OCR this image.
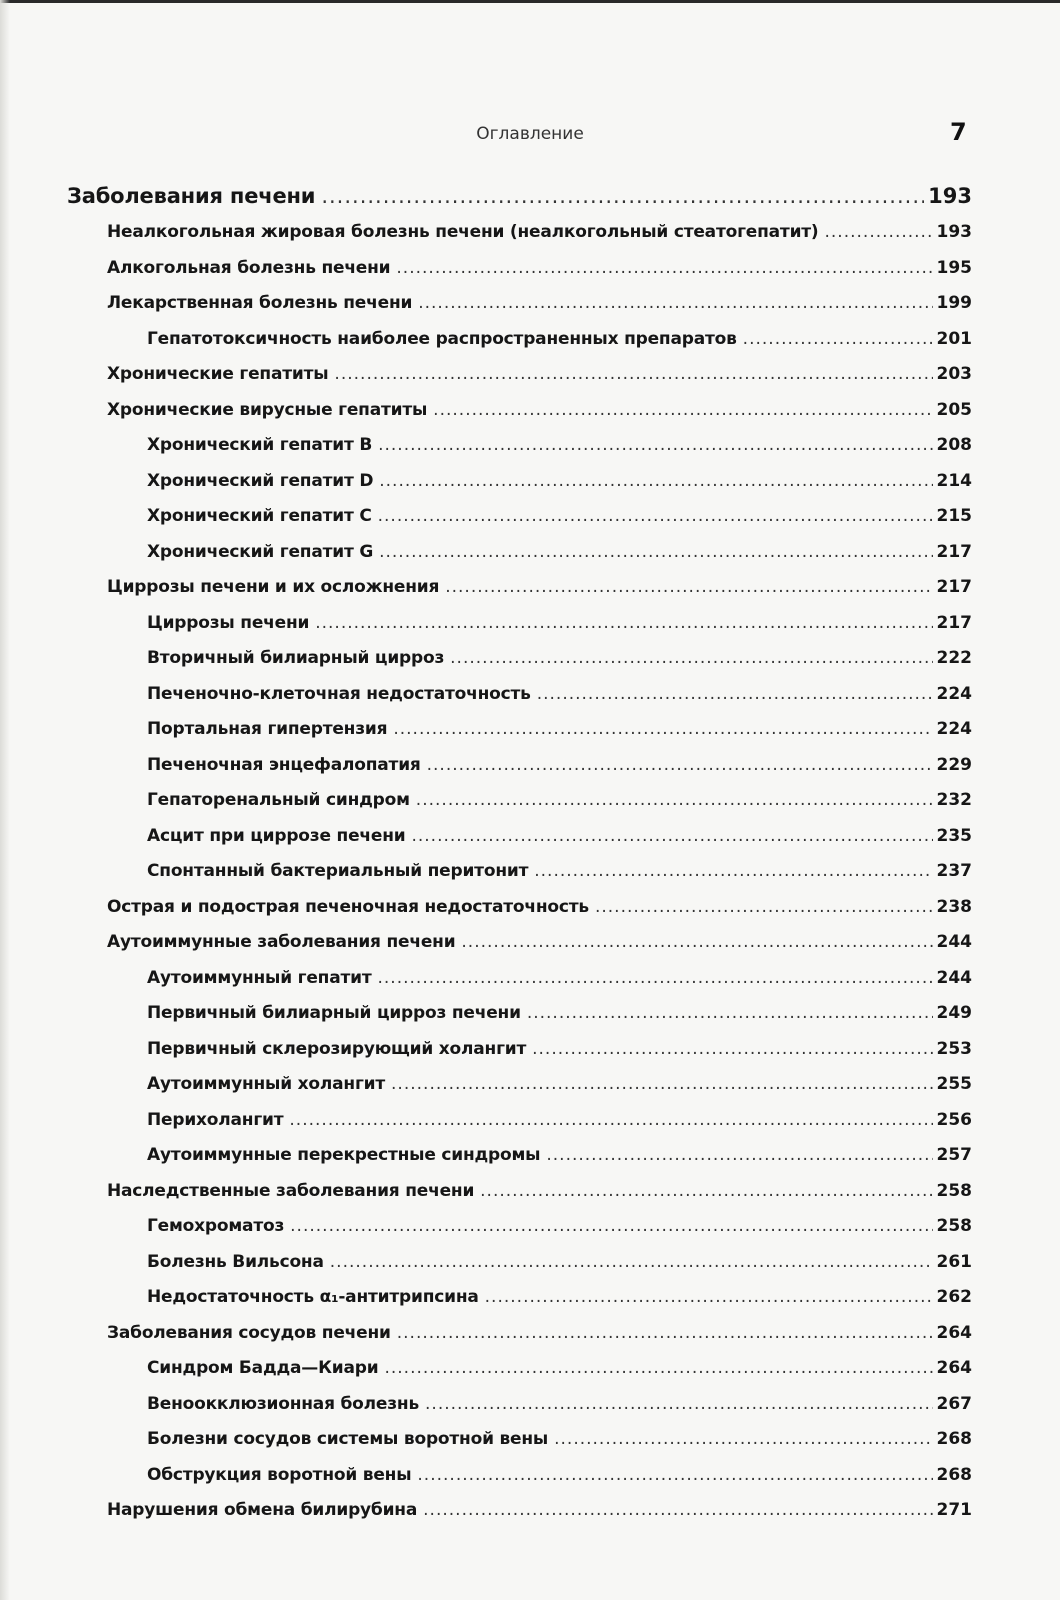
Оглавление	7
Заболевания печени .....	193
Неалкогольная жировая болезнь печени (неалкогольный стеатогепатит) .....	193
Алкогольная болезнь печени .....	195
Лекарственная болезнь печени .....	199
Гепатотоксичность наиболее распространенных препаратов .....	201
Хронические гепатиты .....	203
Хронические вирусные гепатиты .....	205
Хронический гепатит В .....	208
Хронический гепатит D .....	214
Хронический гепатит С .....	215
Хронический гепатит G .....	217
Циррозы печени и их осложнения .....	217
Циррозы печени .....	217
Вторичный билиарный цирроз .....	222
Печеночно-клеточная недостаточность .....	224
Портальная гипертензия .....	224
Печеночная энцефалопатия .....	229
Гепаторенальный синдром .....	232
Асцит при циррозе печени .....	235
Спонтанный бактериальный перитонит .....	237
Острая и подострая печеночная недостаточность .....	238
Аутоиммунные заболевания печени .....	244
Аутоиммунный гепатит .....	244
Первичный билиарный цирроз печени .....	249
Первичный склерозирующий холангит .....	253
Аутоиммунный холангит .....	255
Перихолангит .....	256
Аутоиммунные перекрестные синдромы .....	257
Наследственные заболевания печени .....	258
Гемохроматоз .....	258
Болезнь Вильсона .....	261
Недостаточность α₁-антитрипсина .....	262
Заболевания сосудов печени .....	264
Синдром Бадда—Киари .....	264
Веноокклюзионная болезнь .....	267
Болезни сосудов системы воротной вены .....	268
Обструкция воротной вены .....	268
Нарушения обмена билирубина .....	271
